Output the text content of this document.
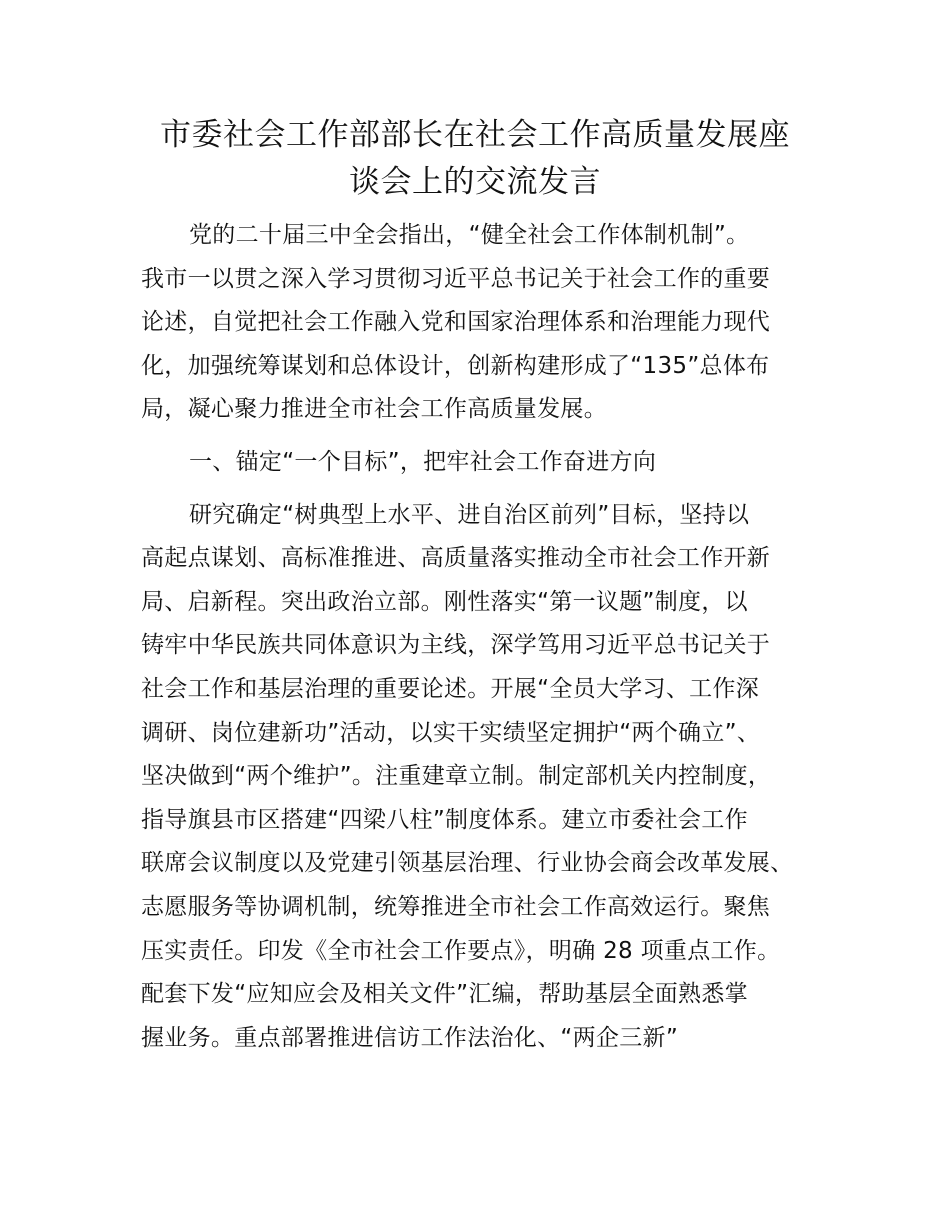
市委社会工作部部长在社会工作高质量发展座
谈会上的交流发言
党的二十届三中全会指出，“健全社会工作体制机制”。
我市一以贯之深入学习贯彻习近平总书记关于社会工作的重要
论述，自觉把社会工作融入党和国家治理体系和治理能力现代
化，加强统筹谋划和总体设计，创新构建形成了“135”总体布
局，凝心聚力推进全市社会工作高质量发展。
一、锚定“一个目标”，把牢社会工作奋进方向
研究确定“树典型上水平、进自治区前列”目标，坚持以
高起点谋划、高标准推进、高质量落实推动全市社会工作开新
局、启新程。突出政治立部。刚性落实“第一议题”制度，以
铸牢中华民族共同体意识为主线，深学笃用习近平总书记关于
社会工作和基层治理的重要论述。开展“全员大学习、工作深
调研、岗位建新功”活动，以实干实绩坚定拥护“两个确立”、
坚决做到“两个维护”。注重建章立制。制定部机关内控制度，
指导旗县市区搭建“四梁八柱”制度体系。建立市委社会工作
联席会议制度以及党建引领基层治理、行业协会商会改革发展、
志愿服务等协调机制，统筹推进全市社会工作高效运行。聚焦
压实责任。印发《全市社会工作要点》，明确 28 项重点工作。
配套下发“应知应会及相关文件”汇编，帮助基层全面熟悉掌
握业务。重点部署推进信访工作法治化、“两企三新”
